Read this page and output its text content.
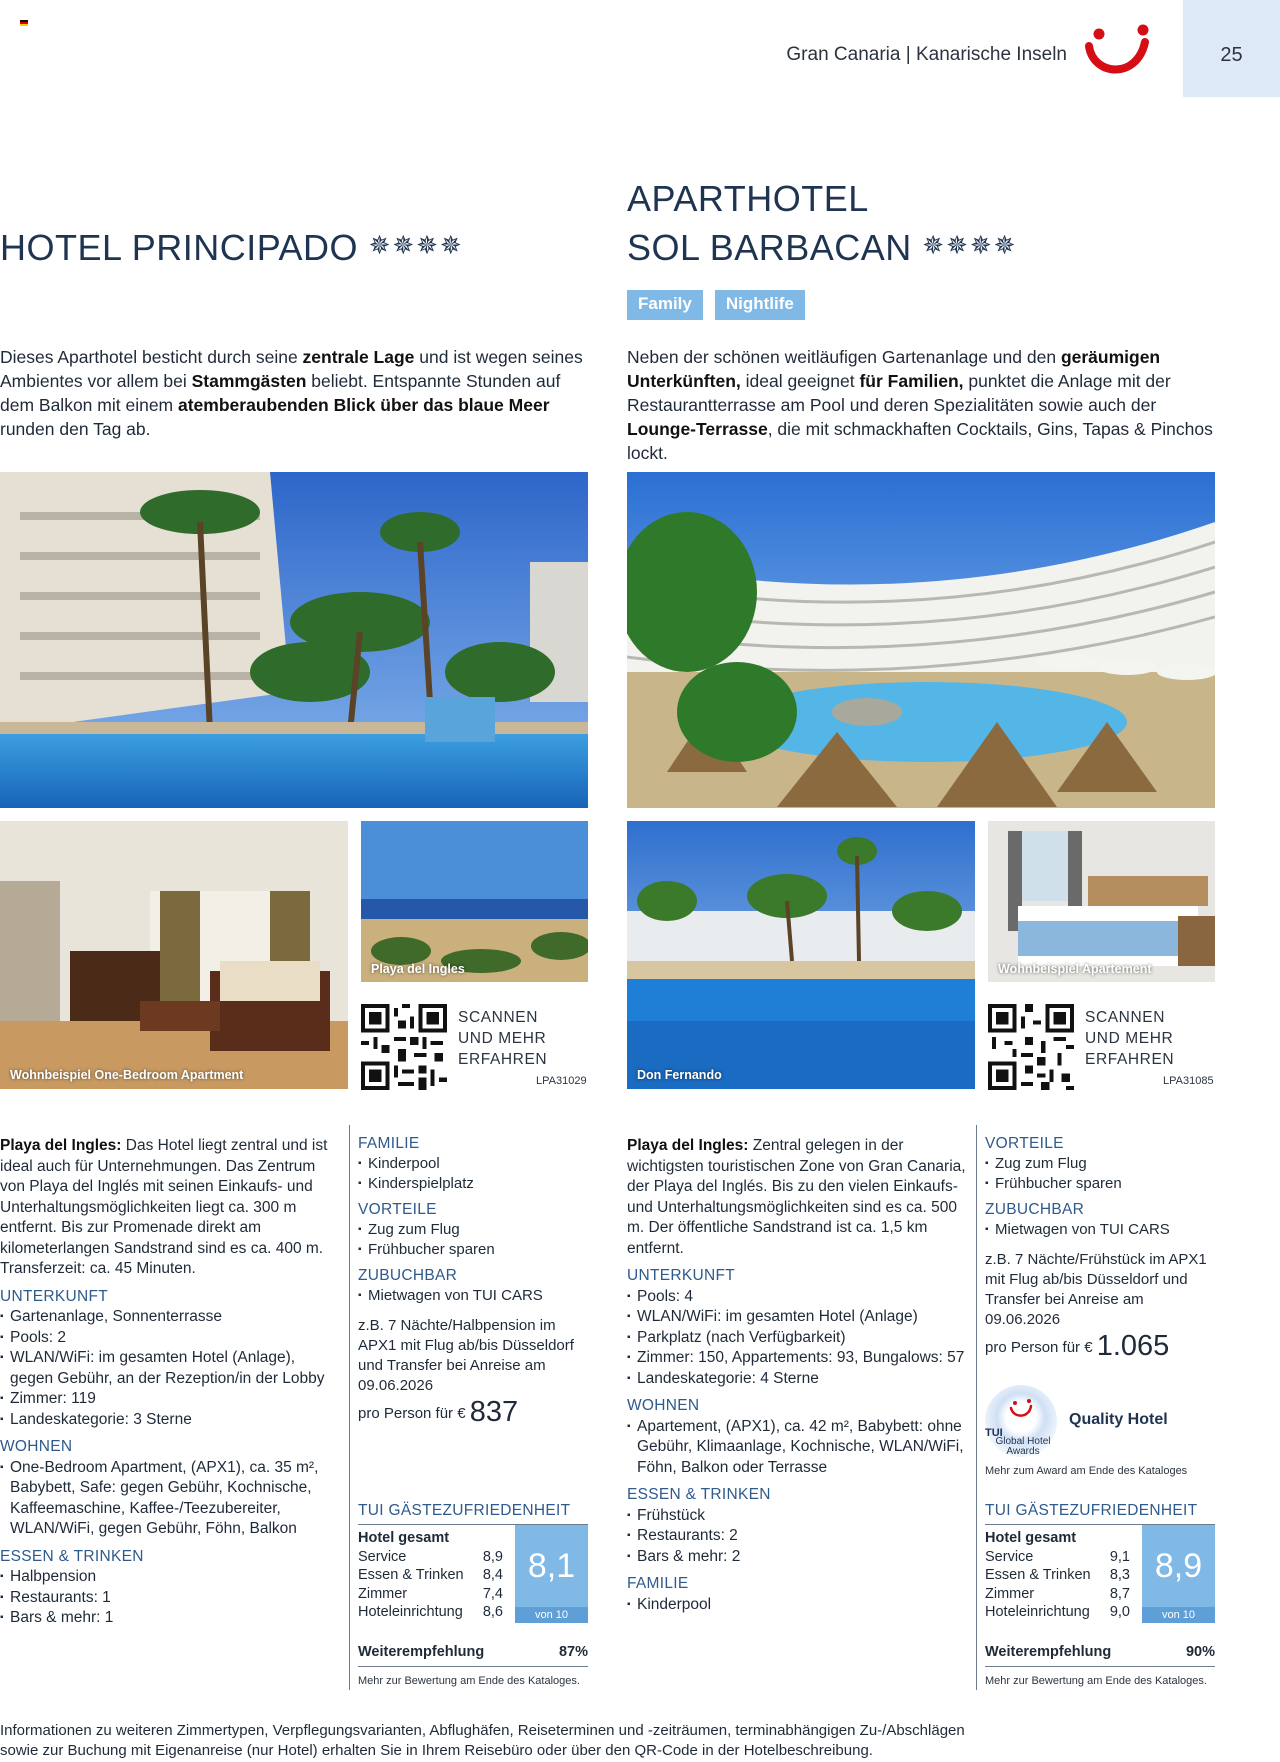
Gran Canaria | Kanarische Inseln	25
HOTEL PRINCIPADO ✵✵✵✵
Dieses Aparthotel besticht durch seine zentrale Lage und ist wegen seines Ambientes vor allem bei Stammgästen beliebt. Entspannte Stunden auf dem Balkon mit einem atemberaubenden Blick über das blaue Meer runden den Tag ab.
Wohnbeispiel One-Bedroom Apartment
Playa del Ingles
SCANNEN
UND MEHR
ERFAHREN
LPA31029
Playa del Ingles: Das Hotel liegt zentral und ist ideal auch für Unternehmungen. Das Zentrum von Playa del Inglés mit seinen Einkaufs- und Unterhaltungsmöglichkeiten liegt ca. 300 m entfernt. Bis zur Promenade direkt am kilometerlangen Sandstrand sind es ca. 400 m. Transferzeit: ca. 45 Minuten.
UNTERKUNFT
▪ Gartenanlage, Sonnenterrasse
▪ Pools: 2
▪ WLAN/WiFi: im gesamten Hotel (Anlage), gegen Gebühr, an der Rezeption/in der Lobby
▪ Zimmer: 119
▪ Landeskategorie: 3 Sterne
WOHNEN
▪ One-Bedroom Apartment, (APX1), ca. 35 m², Babybett, Safe: gegen Gebühr, Kochnische, Kaffeemaschine, Kaffee-/Teezubereiter, WLAN/WiFi, gegen Gebühr, Föhn, Balkon
ESSEN & TRINKEN
▪ Halbpension
▪ Restaurants: 1
▪ Bars & mehr: 1
FAMILIE
▪ Kinderpool
▪ Kinderspielplatz
VORTEILE
▪ Zug zum Flug
▪ Frühbucher sparen
ZUBUCHBAR
▪ Mietwagen von TUI CARS
z.B. 7 Nächte/Halbpension im APX1 mit Flug ab/bis Düsseldorf und Transfer bei Anreise am 09.06.2026
pro Person für € 837
TUI GÄSTEZUFRIEDENHEIT
Hotel gesamt
Service	8,9
Essen & Trinken	8,4
Zimmer	7,4
Hoteleinrichtung	8,6
8,1
von 10
Weiterempfehlung	87%
Mehr zur Bewertung am Ende des Kataloges.
APARTHOTEL
SOL BARBACAN ✵✵✵✵
Family	Nightlife
Neben der schönen weitläufigen Gartenanlage und den geräumigen Unterkünften, ideal geeignet für Familien, punktet die Anlage mit der Restaurantterrasse am Pool und deren Spezialitäten sowie auch der Lounge-Terrasse, die mit schmackhaften Cocktails, Gins, Tapas & Pinchos lockt.
Don Fernando
Wohnbeispiel Apartement
SCANNEN
UND MEHR
ERFAHREN
LPA31085
Playa del Ingles: Zentral gelegen in der wichtigsten touristischen Zone von Gran Canaria, der Playa del Inglés. Bis zu den vielen Einkaufs- und Unterhaltungsmöglichkeiten sind es ca. 500 m. Der öffentliche Sandstrand ist ca. 1,5 km entfernt.
UNTERKUNFT
▪ Pools: 4
▪ WLAN/WiFi: im gesamten Hotel (Anlage)
▪ Parkplatz (nach Verfügbarkeit)
▪ Zimmer: 150, Appartements: 93, Bungalows: 57
▪ Landeskategorie: 4 Sterne
WOHNEN
▪ Apartement, (APX1), ca. 42 m², Babybett: ohne Gebühr, Klimaanlage, Kochnische, WLAN/WiFi, Föhn, Balkon oder Terrasse
ESSEN & TRINKEN
▪ Frühstück
▪ Restaurants: 2
▪ Bars & mehr: 2
FAMILIE
▪ Kinderpool
VORTEILE
▪ Zug zum Flug
▪ Frühbucher sparen
ZUBUCHBAR
▪ Mietwagen von TUI CARS
z.B. 7 Nächte/Frühstück im APX1 mit Flug ab/bis Düsseldorf und Transfer bei Anreise am 09.06.2026
pro Person für € 1.065
TUI
Global Hotel Awards
Quality Hotel
Mehr zum Award am Ende des Kataloges
TUI GÄSTEZUFRIEDENHEIT
Hotel gesamt
Service	9,1
Essen & Trinken	8,3
Zimmer	8,7
Hoteleinrichtung	9,0
8,9
von 10
Weiterempfehlung	90%
Mehr zur Bewertung am Ende des Kataloges.
Informationen zu weiteren Zimmertypen, Verpflegungsvarianten, Abflughäfen, Reiseterminen und -zeiträumen, terminabhängigen Zu-/Abschlägen sowie zur Buchung mit Eigenanreise (nur Hotel) erhalten Sie in Ihrem Reisebüro oder über den QR-Code in der Hotelbeschreibung.
